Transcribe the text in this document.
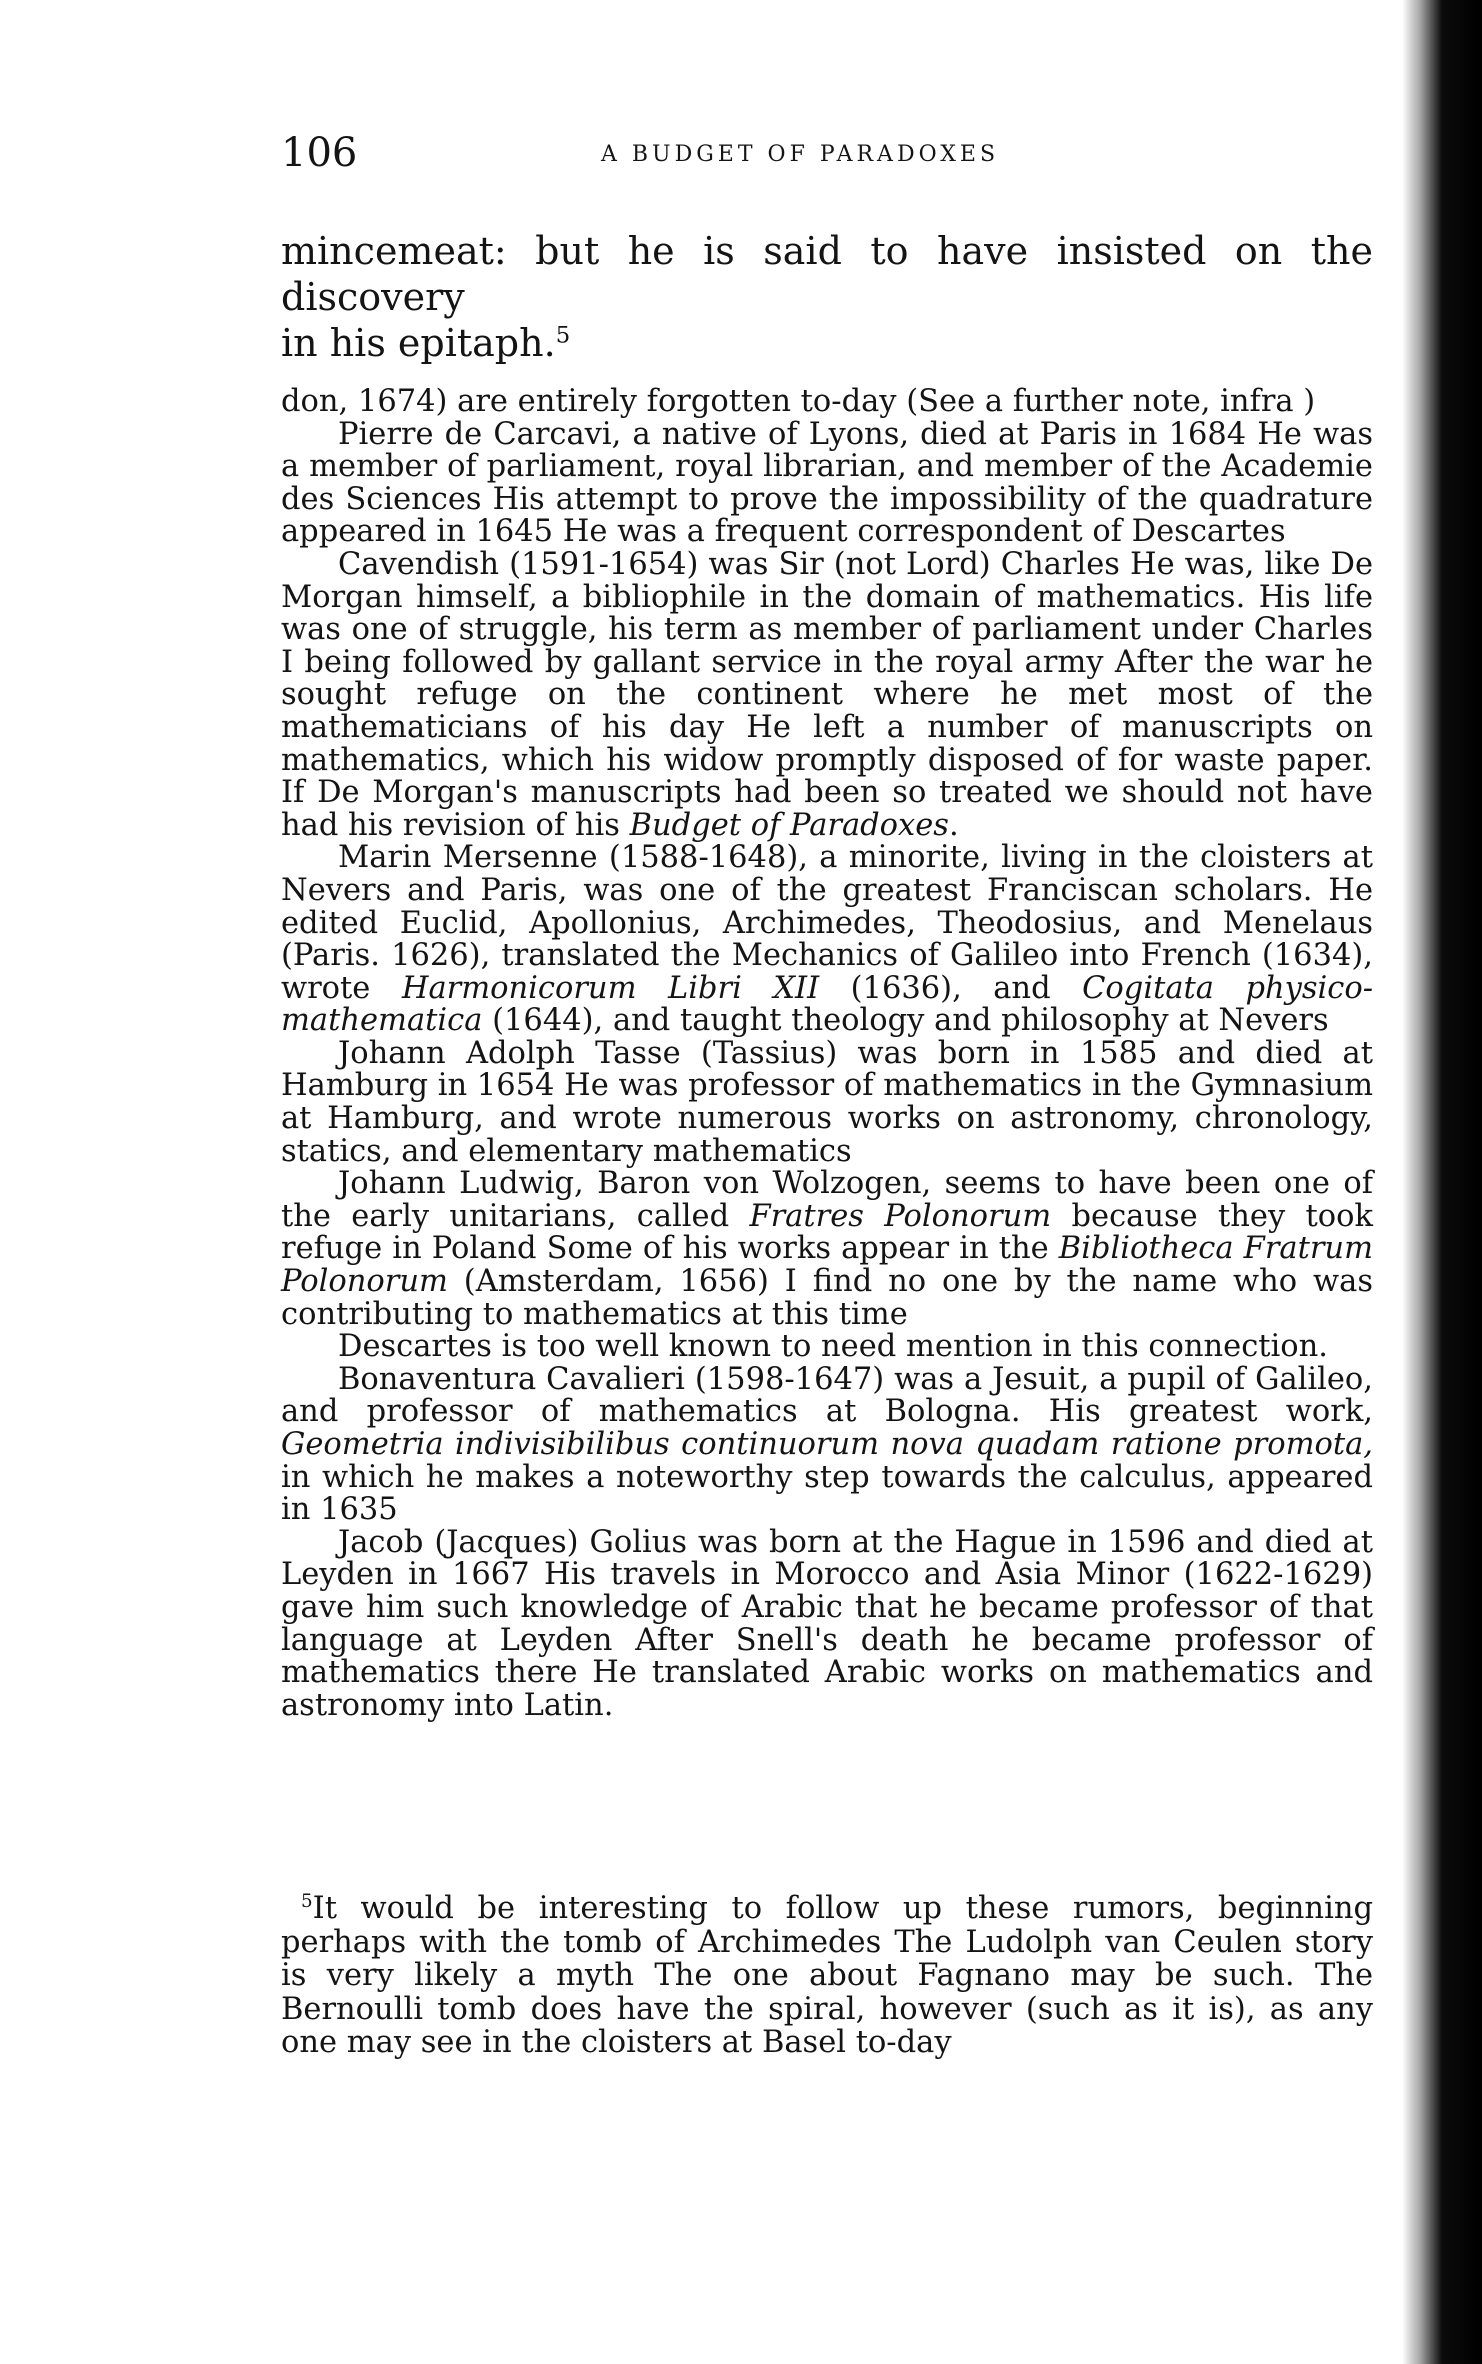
106	A BUDGET OF PARADOXES

mincemeat: but he is said to have insisted on the discovery
in his epitaph.$^5$

don, 1674) are entirely forgotten to-day (See a further note, infra )

Pierre de Carcavi, a native of Lyons, died at Paris in 1684 He was a member of parliament, royal librarian, and member of the Academie des Sciences His attempt to prove the impossibility of the quadrature appeared in 1645 He was a frequent correspondent of Descartes

Cavendish (1591-1654) was Sir (not Lord) Charles He was, like De Morgan himself, a bibliophile in the domain of mathematics. His life was one of struggle, his term as member of parliament under Charles I being followed by gallant service in the royal army After the war he sought refuge on the continent where he met most of the mathematicians of his day He left a number of manuscripts on mathematics, which his widow promptly disposed of for waste paper. If De Morgan's manuscripts had been so treated we should not have had his revision of his Budget of Paradoxes.

Marin Mersenne (1588-1648), a minorite, living in the cloisters at Nevers and Paris, was one of the greatest Franciscan scholars. He edited Euclid, Apollonius, Archimedes, Theodosius, and Menelaus (Paris. 1626), translated the Mechanics of Galileo into French (1634), wrote Harmonicorum Libri XII (1636), and Cogitata physico-mathematica (1644), and taught theology and philosophy at Nevers

Johann Adolph Tasse (Tassius) was born in 1585 and died at Hamburg in 1654 He was professor of mathematics in the Gymnasium at Hamburg, and wrote numerous works on astronomy, chronology, statics, and elementary mathematics

Johann Ludwig, Baron von Wolzogen, seems to have been one of the early unitarians, called Fratres Polonorum because they took refuge in Poland Some of his works appear in the Bibliotheca Fratrum Polonorum (Amsterdam, 1656) I find no one by the name who was contributing to mathematics at this time

Descartes is too well known to need mention in this connection.

Bonaventura Cavalieri (1598-1647) was a Jesuit, a pupil of Galileo, and professor of mathematics at Bologna. His greatest work, Geometria indivisibilibus continuorum nova quadam ratione promota, in which he makes a noteworthy step towards the calculus, appeared in 1635

Jacob (Jacques) Golius was born at the Hague in 1596 and died at Leyden in 1667 His travels in Morocco and Asia Minor (1622-1629) gave him such knowledge of Arabic that he became professor of that language at Leyden After Snell's death he became professor of mathematics there He translated Arabic works on mathematics and astronomy into Latin.

$^5$It would be interesting to follow up these rumors, beginning perhaps with the tomb of Archimedes The Ludolph van Ceulen story is very likely a myth The one about Fagnano may be such. The Bernoulli tomb does have the spiral, however (such as it is), as any one may see in the cloisters at Basel to-day
